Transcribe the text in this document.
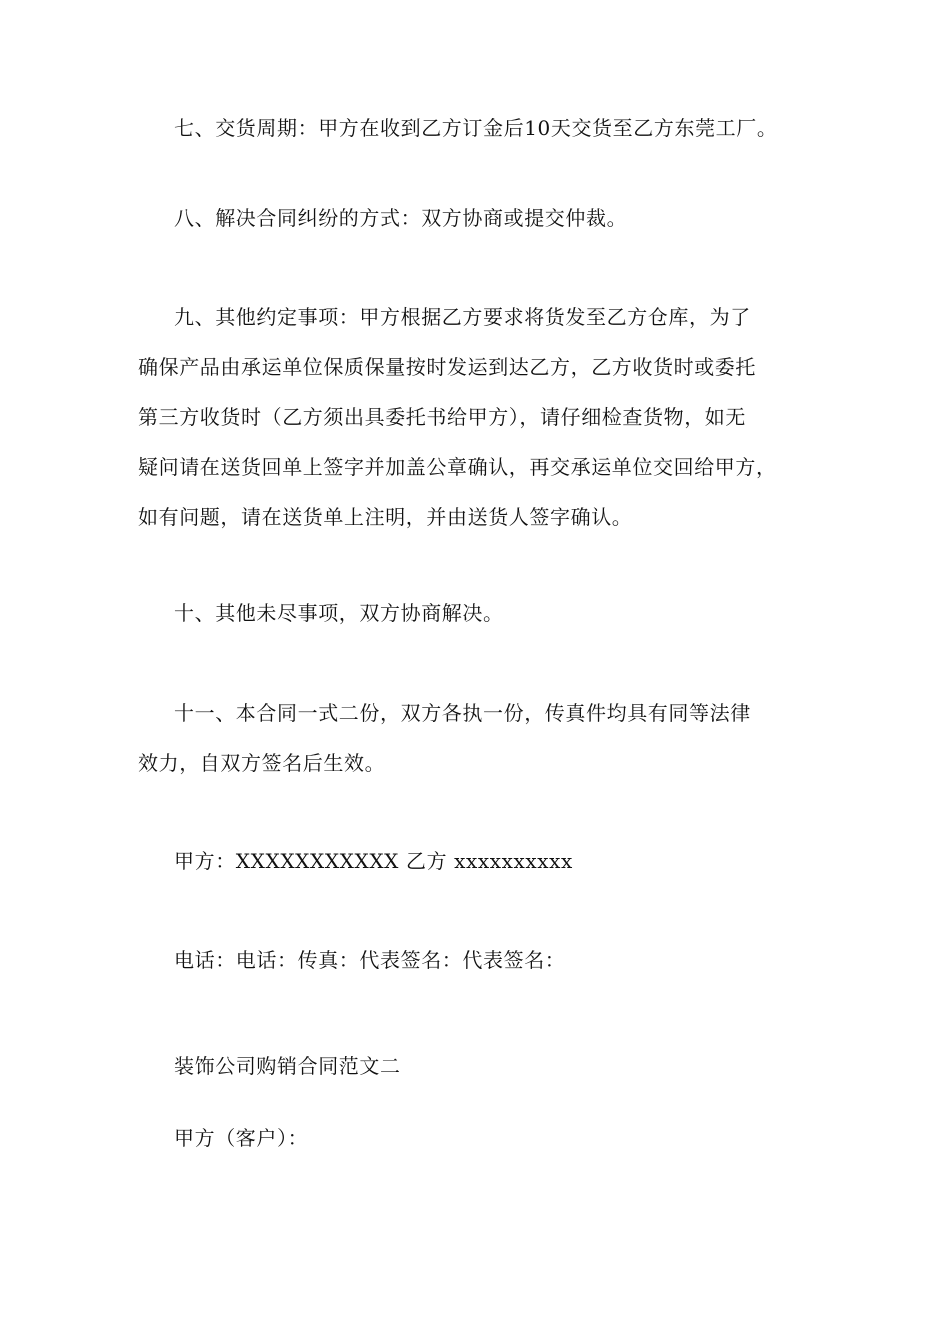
七、交货周期：甲方在收到乙方订金后10天交货至乙方东莞工厂。

八、解决合同纠纷的方式：双方协商或提交仲裁。

九、其他约定事项：甲方根据乙方要求将货发至乙方仓库，为了
确保产品由承运单位保质保量按时发运到达乙方，乙方收货时或委托
第三方收货时（乙方须出具委托书给甲方），请仔细检查货物，如无
疑问请在送货回单上签字并加盖公章确认，再交承运单位交回给甲方，
如有问题，请在送货单上注明，并由送货人签字确认。

十、其他未尽事项，双方协商解决。

十一、本合同一式二份，双方各执一份，传真件均具有同等法律
效力，自双方签名后生效。

甲方：XXXXXXXXXXX 乙方 xxxxxxxxxx

电话：电话：传真：代表签名：代表签名：

装饰公司购销合同范文二

甲方（客户）：
